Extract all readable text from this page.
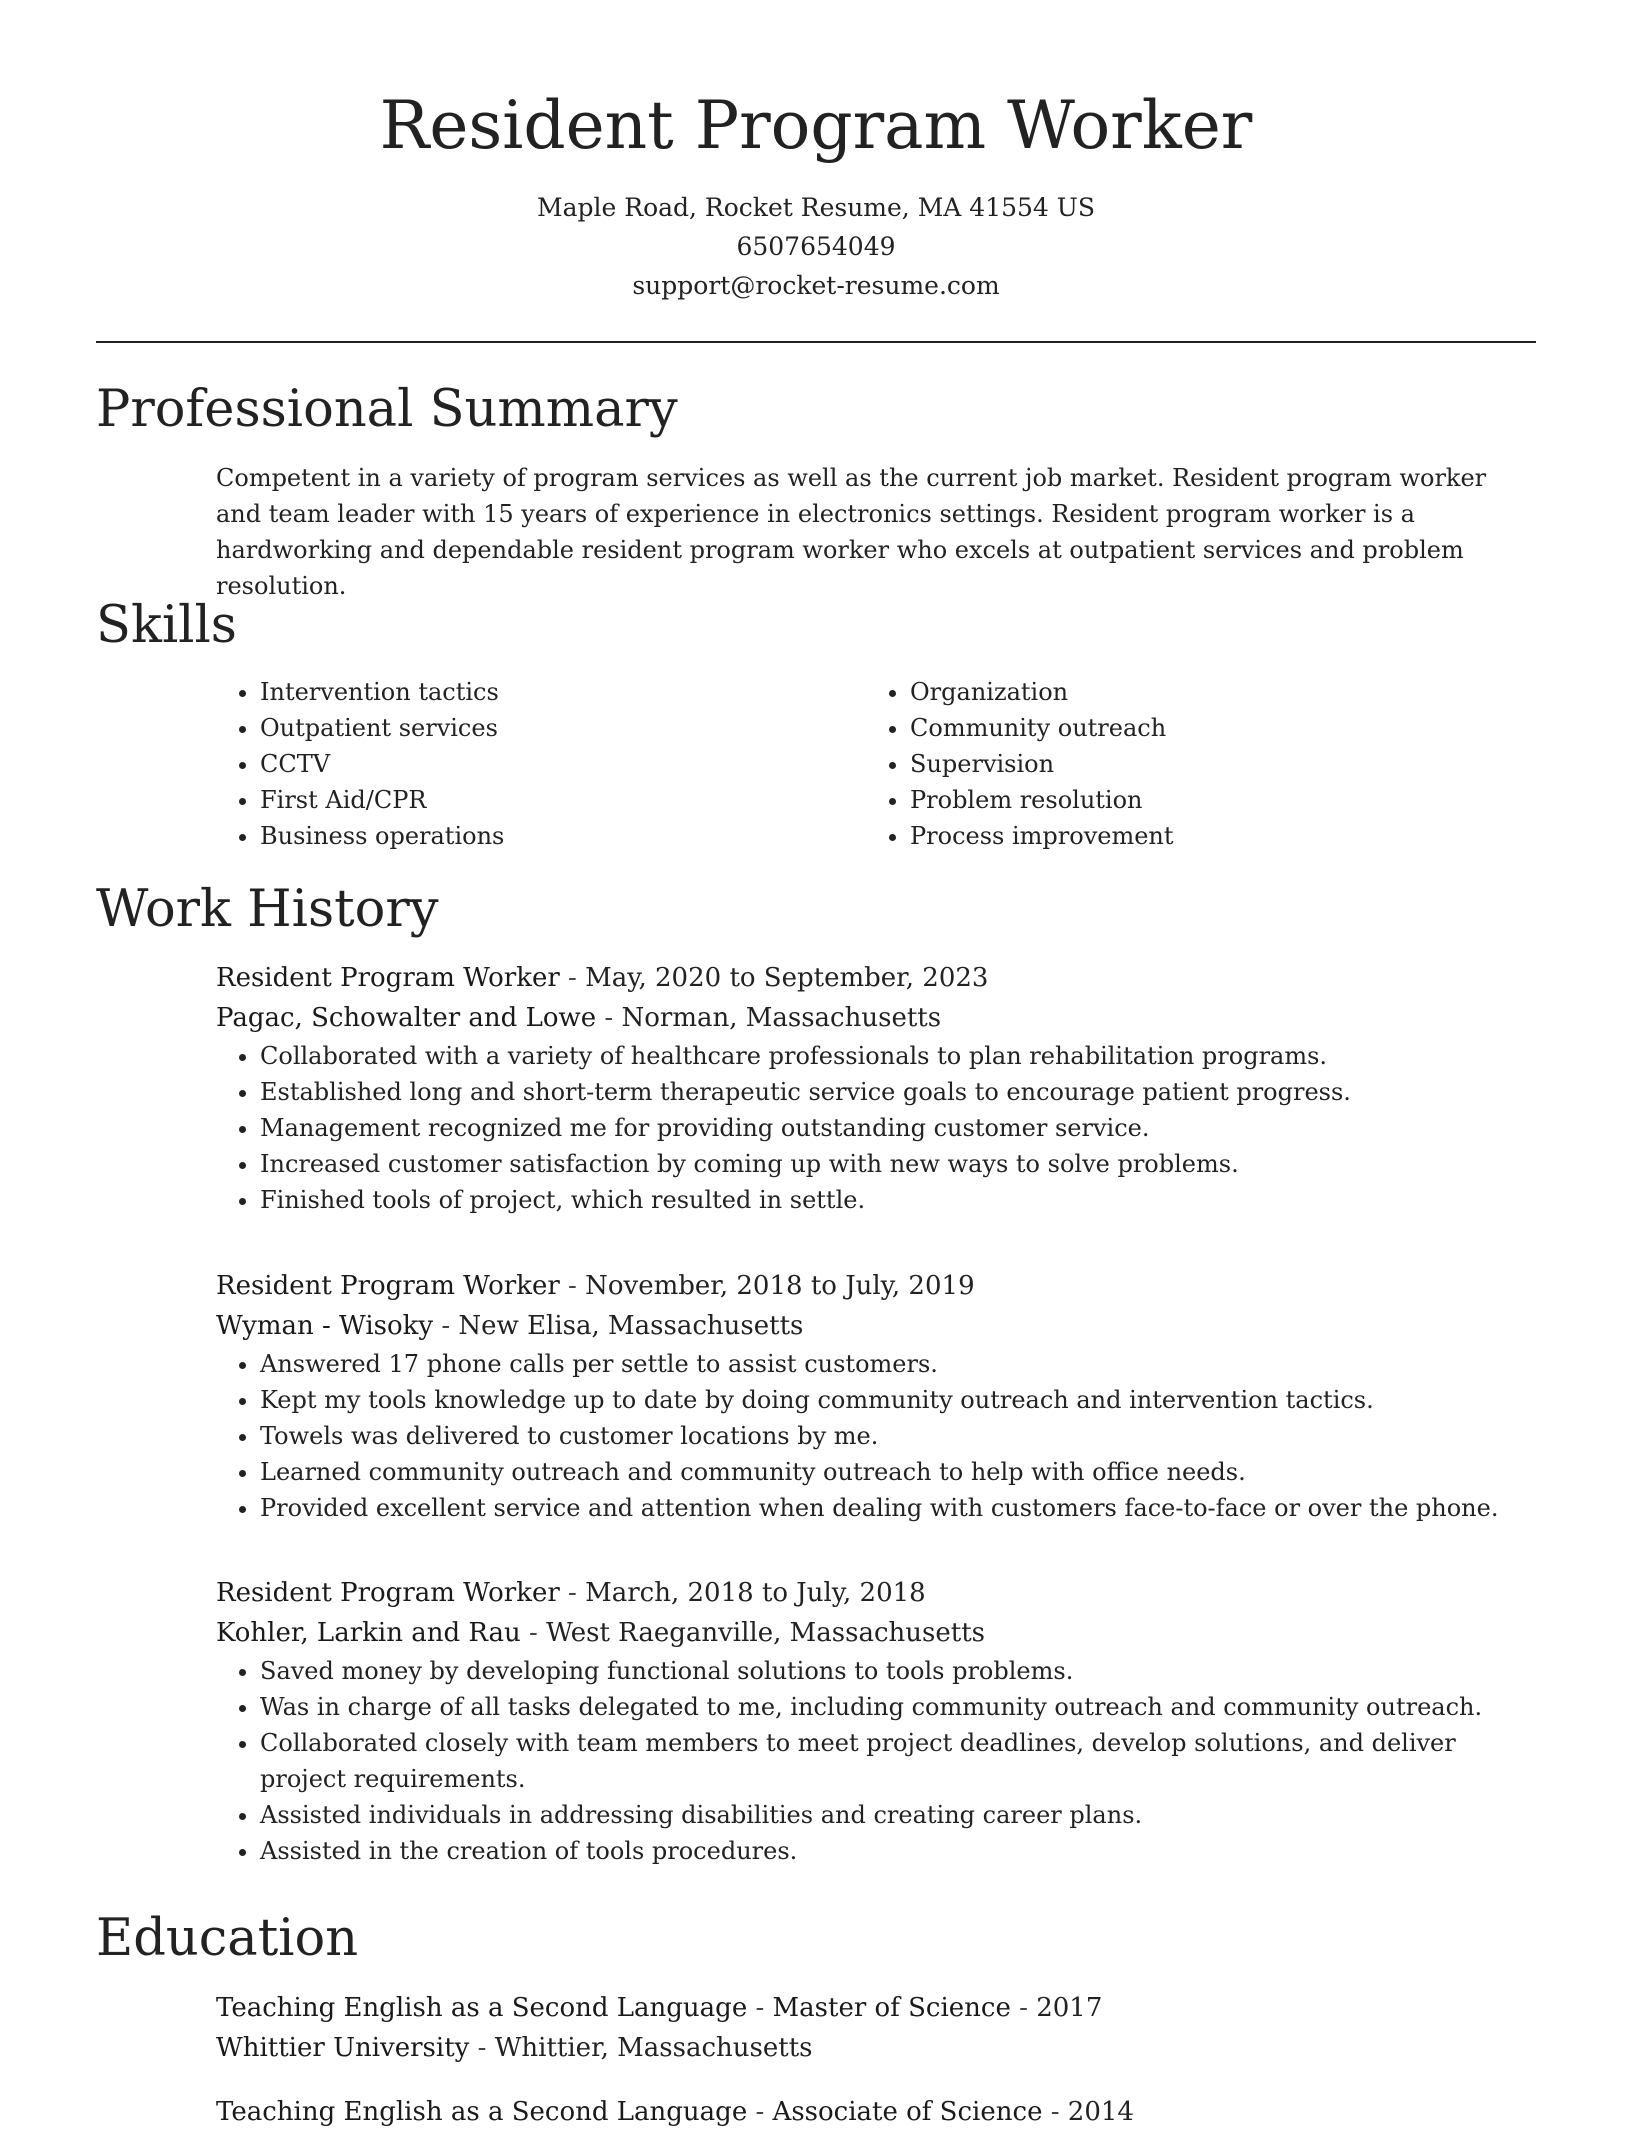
Resident Program Worker

Maple Road, Rocket Resume, MA 41554 US

6507654049

support@rocket-resume.com

Professional Summary

Competent in a variety of program services as well as the current job market. Resident program worker and team leader with 15 years of experience in electronics settings. Resident program worker is a hardworking and dependable resident program worker who excels at outpatient services and problem resolution.

Skills
• Intervention tactics
• Outpatient services
• CCTV
• First Aid/CPR
• Business operations
• Organization
• Community outreach
• Supervision
• Problem resolution
• Process improvement
Work History

Resident Program Worker - May, 2020 to September, 2023

Pagac, Schowalter and Lowe - Norman, Massachusetts

• Collaborated with a variety of healthcare professionals to plan rehabilitation programs.
• Established long and short-term therapeutic service goals to encourage patient progress.
• Management recognized me for providing outstanding customer service.
• Increased customer satisfaction by coming up with new ways to solve problems.
• Finished tools of project, which resulted in settle.

Resident Program Worker - November, 2018 to July, 2019

Wyman - Wisoky - New Elisa, Massachusetts

• Answered 17 phone calls per settle to assist customers.
• Kept my tools knowledge up to date by doing community outreach and intervention tactics.
• Towels was delivered to customer locations by me.
• Learned community outreach and community outreach to help with office needs.
• Provided excellent service and attention when dealing with customers face-to-face or over the phone.

Resident Program Worker - March, 2018 to July, 2018

Kohler, Larkin and Rau - West Raeganville, Massachusetts

• Saved money by developing functional solutions to tools problems.
• Was in charge of all tasks delegated to me, including community outreach and community outreach.
• Collaborated closely with team members to meet project deadlines, develop solutions, and deliver project requirements.
• Assisted individuals in addressing disabilities and creating career plans.
• Assisted in the creation of tools procedures.
Education

Teaching English as a Second Language - Master of Science - 2017

Whittier University - Whittier, Massachusetts

Teaching English as a Second Language - Associate of Science - 2014
